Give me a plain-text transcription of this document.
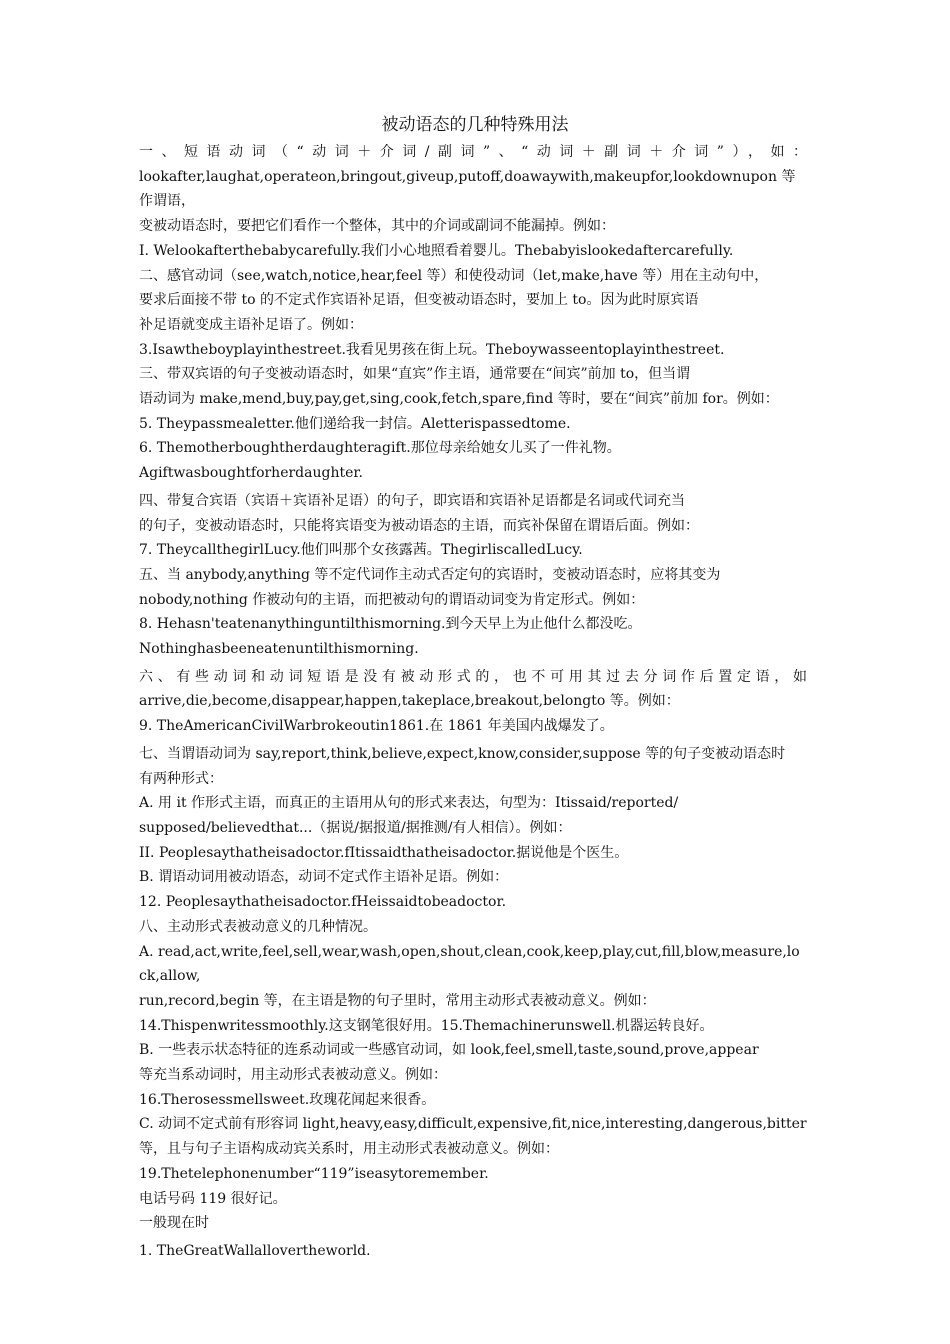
被动语态的几种特殊用法

一、短语动词（“动词＋介词/副词”、“动词＋副词＋介词”），如：

lookafter,laughat,operateon,bringout,giveup,putoff,doawaywith,makeupfor,lookdownupon 等作谓语，

变被动语态时，要把它们看作一个整体，其中的介词或副词不能漏掉。例如：

I. Welookafterthebabycarefully.我们小心地照看着婴儿。Thebabyislookedaftercarefully.

二、感官动词（see,watch,notice,hear,feel 等）和使役动词（let,make,have 等）用在主动句中，

要求后面接不带 to 的不定式作宾语补足语，但变被动语态时，要加上 to。因为此时原宾语

补足语就变成主语补足语了。例如：

3.Isawtheboyplayinthestreet.我看见男孩在街上玩。Theboywasseentoplayinthestreet.

三、带双宾语的句子变被动语态时，如果“直宾”作主语，通常要在“间宾”前加 to，但当谓

语动词为 make,mend,buy,pay,get,sing,cook,fetch,spare,find 等时，要在“间宾”前加 for。例如：

5. Theypassmealetter.他们递给我一封信。Aletterispassedtome.

6. Themotherboughtherdaughteragift.那位母亲给她女儿买了一件礼物。

Agiftwasboughtforherdaughter.

四、带复合宾语（宾语＋宾语补足语）的句子，即宾语和宾语补足语都是名词或代词充当

的句子，变被动语态时，只能将宾语变为被动语态的主语，而宾补保留在谓语后面。例如：

7. TheycallthegirlLucy.他们叫那个女孩露茜。ThegirliscalledLucy.

五、当 anybody,anything 等不定代词作主动式否定句的宾语时，变被动语态时，应将其变为

nobody,nothing 作被动句的主语，而把被动句的谓语动词变为肯定形式。例如：

8. Hehasn'teatenanythinguntilthismorning.到今天早上为止他什么都没吃。

Nothinghasbeeneatenuntilthismorning.

六、有些动词和动词短语是没有被动形式的，也不可用其过去分词作后置定语，如

arrive,die,become,disappear,happen,takeplace,breakout,belongto 等。例如：

9. TheAmericanCivilWarbrokeoutin1861.在 1861 年美国内战爆发了。

七、当谓语动词为 say,report,think,believe,expect,know,consider,suppose 等的句子变被动语态时

有两种形式：

A. 用 it 作形式主语，而真正的主语用从句的形式来表达，句型为：Itissaid/reported/

supposed/believedthat...（据说/据报道/据推测/有人相信）。例如：

II. Peoplesaythatheisadoctor.fItissaidthatheisadoctor.据说他是个医生。

B. 谓语动词用被动语态，动词不定式作主语补足语。例如：

12. Peoplesaythatheisadoctor.fHeissaidtobeadoctor.

八、主动形式表被动意义的几种情况。

A. read,act,write,feel,sell,wear,wash,open,shout,clean,cook,keep,play,cut,fill,blow,measure,lock,allow,

run,record,begin 等，在主语是物的句子里时，常用主动形式表被动意义。例如：

14.Thispenwritessmoothly.这支钢笔很好用。15.Themachinerunswell.机器运转良好。

B. 一些表示状态特征的连系动词或一些感官动词，如 look,feel,smell,taste,sound,prove,appear

等充当系动词时，用主动形式表被动意义。例如：

16.Therosessmellsweet.玫瑰花闻起来很香。

C. 动词不定式前有形容词 light,heavy,easy,difficult,expensive,fit,nice,interesting,dangerous,bitter

等，且与句子主语构成动宾关系时，用主动形式表被动意义。例如：

19.Thetelephonenumber“119”iseasytoremember.

电话号码 119 很好记。

一般现在时

1. TheGreatWallallovertheworld.
